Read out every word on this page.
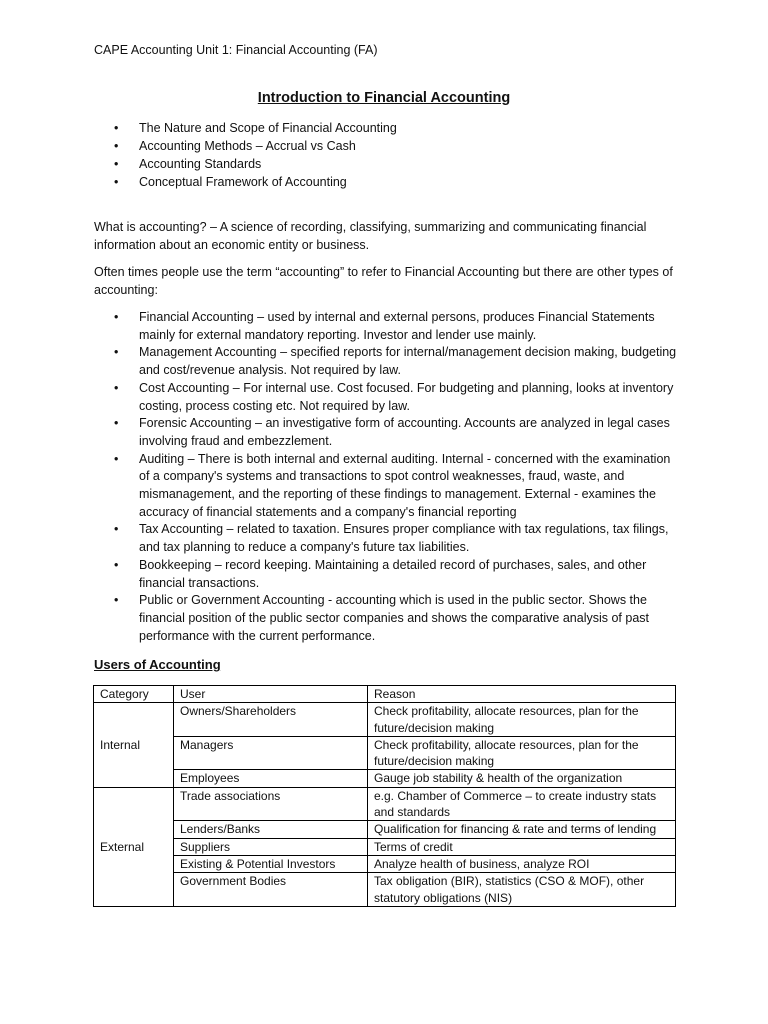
CAPE Accounting Unit 1: Financial Accounting (FA)
Introduction to Financial Accounting
• The Nature and Scope of Financial Accounting
• Accounting Methods – Accrual vs Cash
• Accounting Standards
• Conceptual Framework of Accounting

What is accounting? – A science of recording, classifying, summarizing and communicating financial information about an economic entity or business.

Often times people use the term “accounting” to refer to Financial Accounting but there are other types of accounting:

• Financial Accounting – used by internal and external persons, produces Financial Statements mainly for external mandatory reporting. Investor and lender use mainly.
• Management Accounting – specified reports for internal/management decision making, budgeting and cost/revenue analysis. Not required by law.
• Cost Accounting – For internal use. Cost focused. For budgeting and planning, looks at inventory costing, process costing etc. Not required by law.
• Forensic Accounting – an investigative form of accounting. Accounts are analyzed in legal cases involving fraud and embezzlement.
• Auditing – There is both internal and external auditing. Internal - concerned with the examination of a company's systems and transactions to spot control weaknesses, fraud, waste, and mismanagement, and the reporting of these findings to management. External - examines the accuracy of financial statements and a company's financial reporting
• Tax Accounting – related to taxation. Ensures proper compliance with tax regulations, tax filings, and tax planning to reduce a company's future tax liabilities.
• Bookkeeping – record keeping. Maintaining a detailed record of purchases, sales, and other financial transactions.
• Public or Government Accounting - accounting which is used in the public sector. Shows the financial position of the public sector companies and shows the comparative analysis of past performance with the current performance.
Users of Accounting
Category	User	Reason
Internal	Owners/Shareholders	Check profitability, allocate resources, plan for the future/decision making
	Managers	Check profitability, allocate resources, plan for the future/decision making
	Employees	Gauge job stability & health of the organization
External	Trade associations	e.g. Chamber of Commerce – to create industry stats and standards
	Lenders/Banks	Qualification for financing & rate and terms of lending
	Suppliers	Terms of credit
	Existing & Potential Investors	Analyze health of business, analyze ROI
	Government Bodies	Tax obligation (BIR), statistics (CSO & MOF), other statutory obligations (NIS)
